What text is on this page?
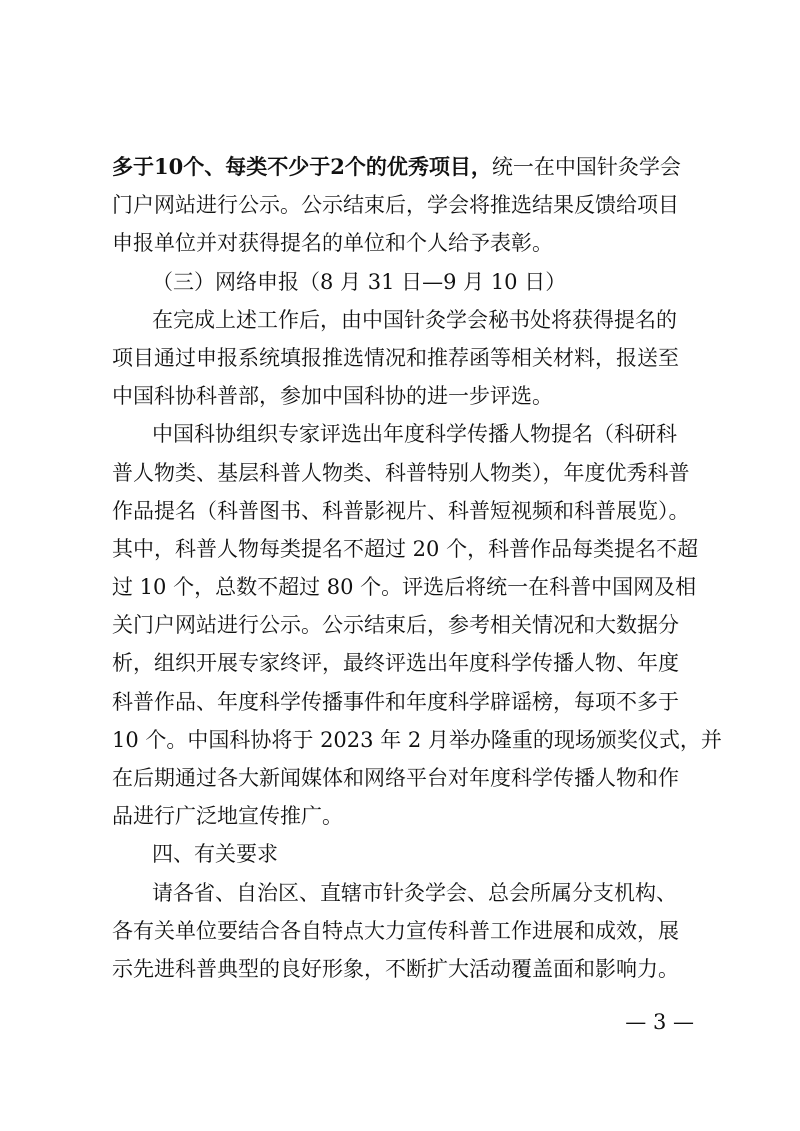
多于10个、每类不少于2个的优秀项目，统一在中国针灸学会
门户网站进行公示。公示结束后，学会将推选结果反馈给项目
申报单位并对获得提名的单位和个人给予表彰。
（三）网络申报（8 月 31 日—9 月 10 日）
在完成上述工作后，由中国针灸学会秘书处将获得提名的
项目通过申报系统填报推选情况和推荐函等相关材料，报送至
中国科协科普部，参加中国科协的进一步评选。
中国科协组织专家评选出年度科学传播人物提名（科研科
普人物类、基层科普人物类、科普特别人物类），年度优秀科普
作品提名（科普图书、科普影视片、科普短视频和科普展览）。
其中，科普人物每类提名不超过 20 个，科普作品每类提名不超
过 10 个，总数不超过 80 个。评选后将统一在科普中国网及相
关门户网站进行公示。公示结束后，参考相关情况和大数据分
析，组织开展专家终评，最终评选出年度科学传播人物、年度
科普作品、年度科学传播事件和年度科学辟谣榜，每项不多于
10 个。中国科协将于 2023 年 2 月举办隆重的现场颁奖仪式，并
在后期通过各大新闻媒体和网络平台对年度科学传播人物和作
品进行广泛地宣传推广。
四、有关要求
请各省、自治区、直辖市针灸学会、总会所属分支机构、
各有关单位要结合各自特点大力宣传科普工作进展和成效，展
示先进科普典型的良好形象，不断扩大活动覆盖面和影响力。
— 3 —
